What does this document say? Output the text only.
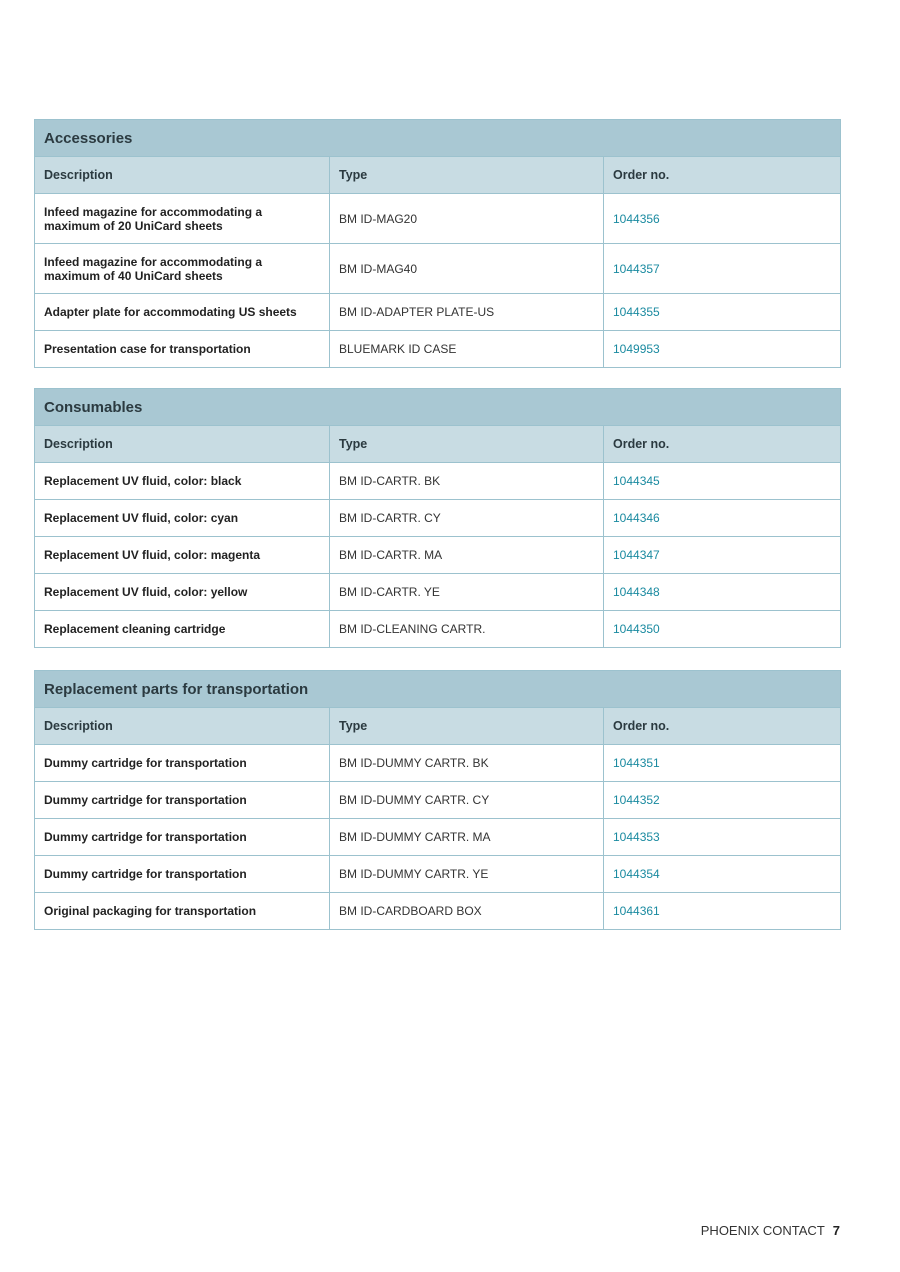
Accessories		
Description	Type	Order no.
Infeed magazine for accommodating a maximum of 20 UniCard sheets	BM ID-MAG20	1044356
Infeed magazine for accommodating a maximum of 40 UniCard sheets	BM ID-MAG40	1044357
Adapter plate for accommodating US sheets	BM ID-ADAPTER PLATE-US	1044355
Presentation case for transportation	BLUEMARK ID CASE	1049953
Consumables		
Description	Type	Order no.
Replacement UV fluid, color: black	BM ID-CARTR. BK	1044345
Replacement UV fluid, color: cyan	BM ID-CARTR. CY	1044346
Replacement UV fluid, color: magenta	BM ID-CARTR. MA	1044347
Replacement UV fluid, color: yellow	BM ID-CARTR. YE	1044348
Replacement cleaning cartridge	BM ID-CLEANING CARTR.	1044350
Replacement parts for transportation		
Description	Type	Order no.
Dummy cartridge for transportation	BM ID-DUMMY CARTR. BK	1044351
Dummy cartridge for transportation	BM ID-DUMMY CARTR. CY	1044352
Dummy cartridge for transportation	BM ID-DUMMY CARTR. MA	1044353
Dummy cartridge for transportation	BM ID-DUMMY CARTR. YE	1044354
Original packaging for transportation	BM ID-CARDBOARD BOX	1044361
PHOENIX CONTACT 7
